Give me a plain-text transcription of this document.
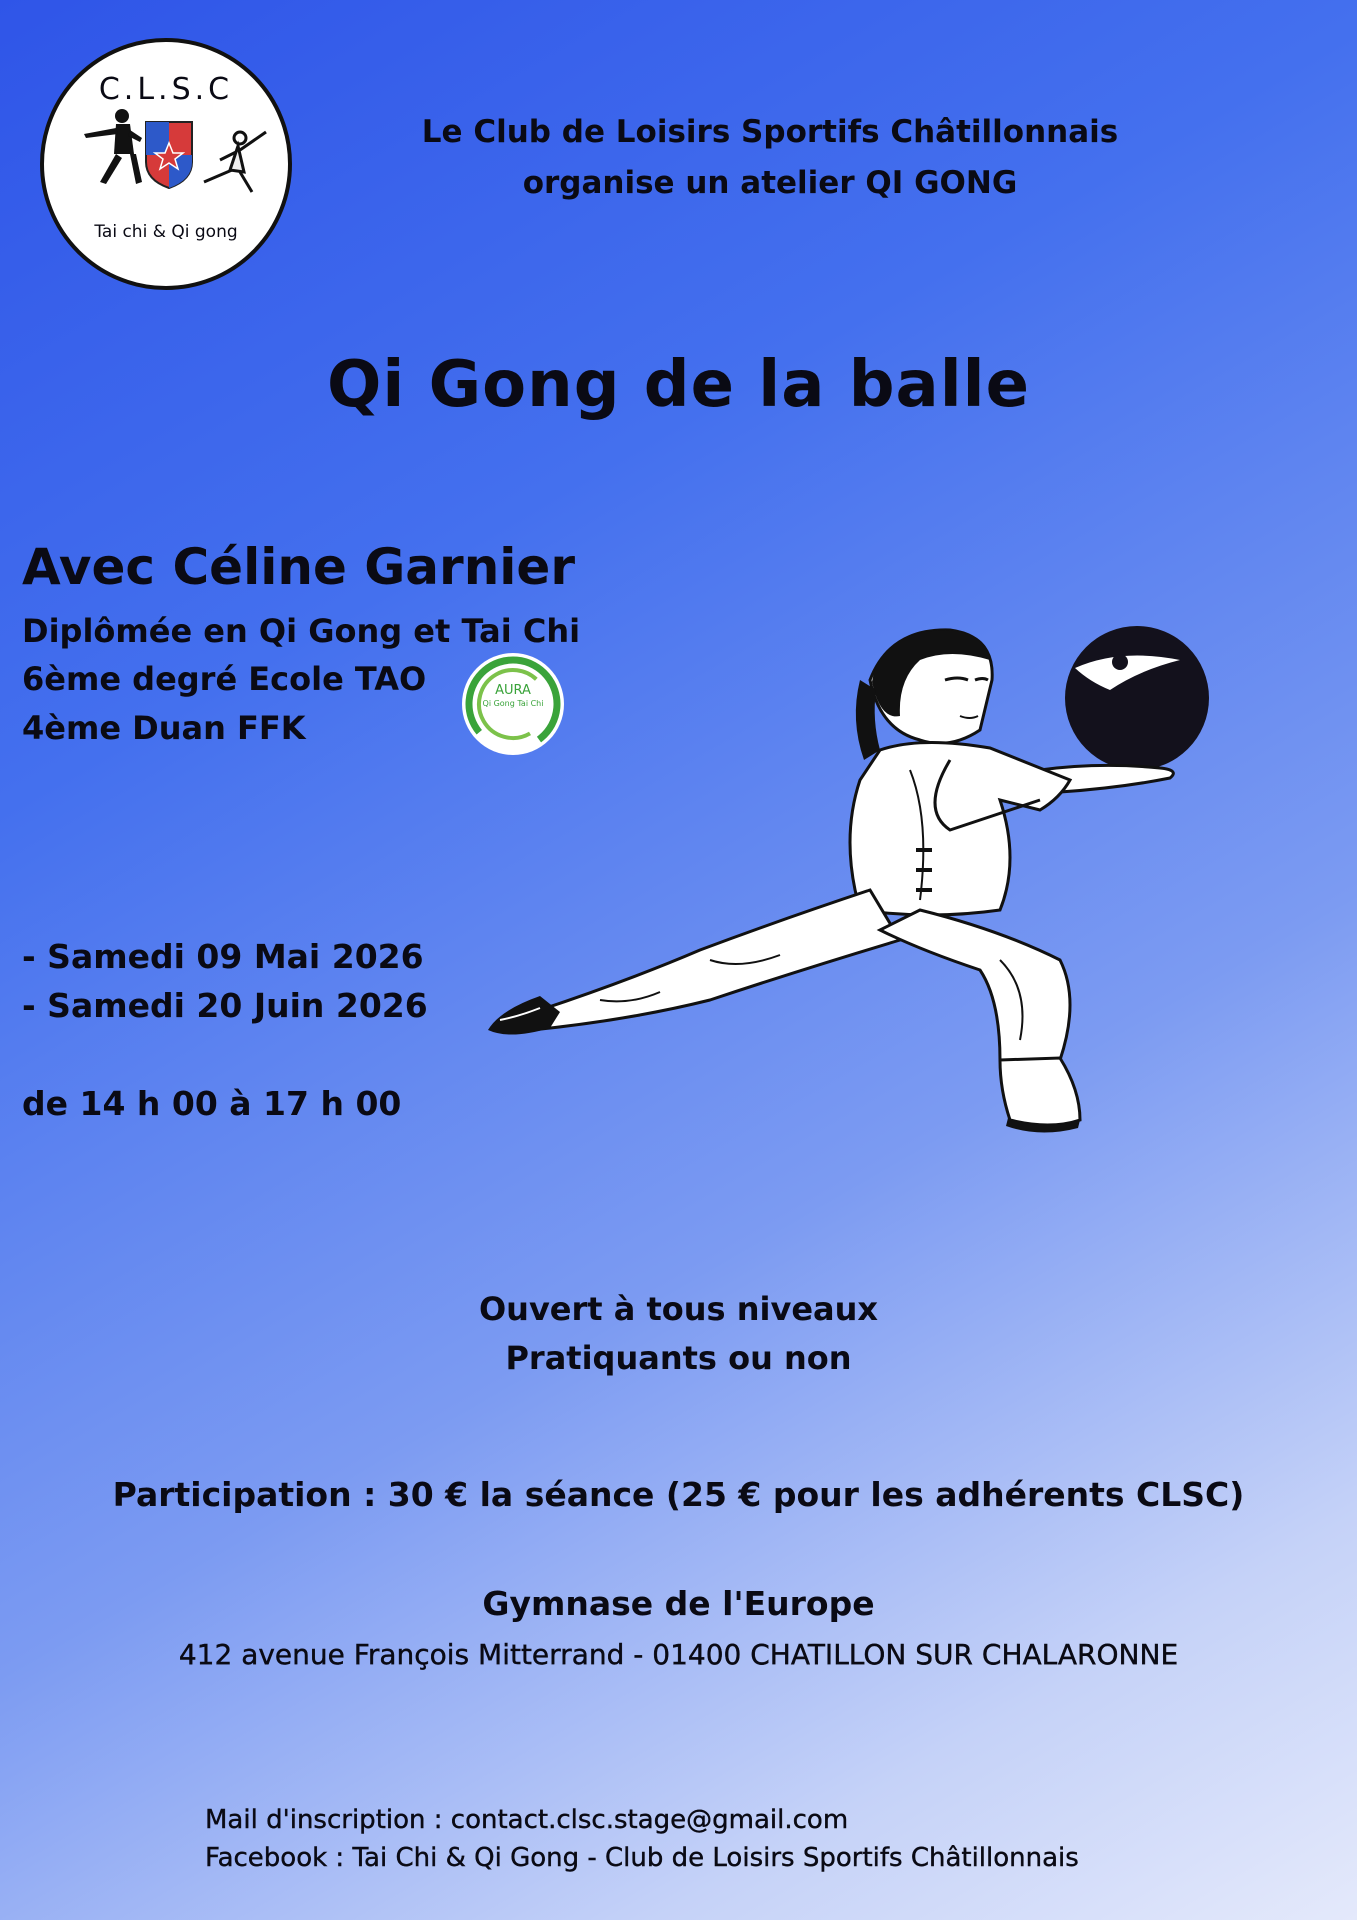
C.L.S.C
Tai chi & Qi gong
Le Club de Loisirs Sportifs Châtillonnais
organise un atelier QI GONG
Qi Gong de la balle
Avec Céline Garnier
Diplômée en Qi Gong et Tai Chi
6ème degré Ecole TAO
4ème Duan FFK
AURA
Qi Gong Tai Chi
- Samedi 09 Mai 2026
- Samedi 20 Juin 2026
de 14 h 00 à 17 h 00
Ouvert à tous niveaux
Pratiquants ou non
Participation : 30 € la séance (25 € pour les adhérents CLSC)
Gymnase de l'Europe
412 avenue François Mitterrand - 01400 CHATILLON SUR CHALARONNE
Mail d'inscription : contact.clsc.stage@gmail.com
Facebook : Tai Chi & Qi Gong - Club de Loisirs Sportifs Châtillonnais
